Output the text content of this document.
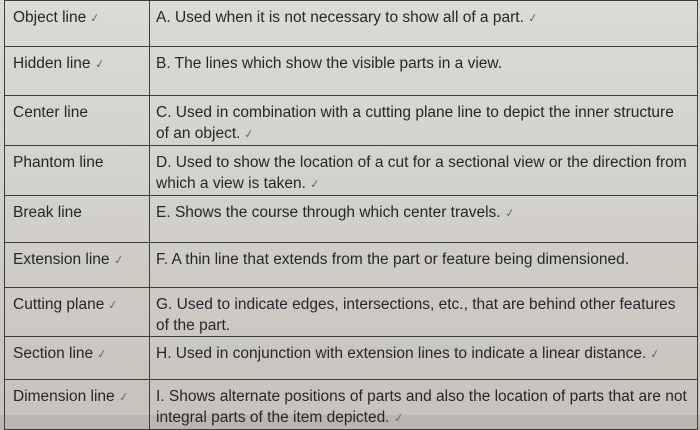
Object line ✓	A. Used when it is not necessary to show all of a part. ✓
Hidden line ✓	B. The lines which show the visible parts in a view.
Center line	C. Used in combination with a cutting plane line to depict the inner structure of an object. ✓
Phantom line	D. Used to show the location of a cut for a sectional view or the direction from which a view is taken. ✓
Break line	E. Shows the course through which center travels. ✓
Extension line ✓	F. A thin line that extends from the part or feature being dimensioned.
Cutting plane ✓	G. Used to indicate edges, intersections, etc., that are behind other features of the part.
Section line ✓	H. Used in conjunction with extension lines to indicate a linear distance. ✓
Dimension line ✓	I. Shows alternate positions of parts and also the location of parts that are not integral parts of the item depicted. ✓
